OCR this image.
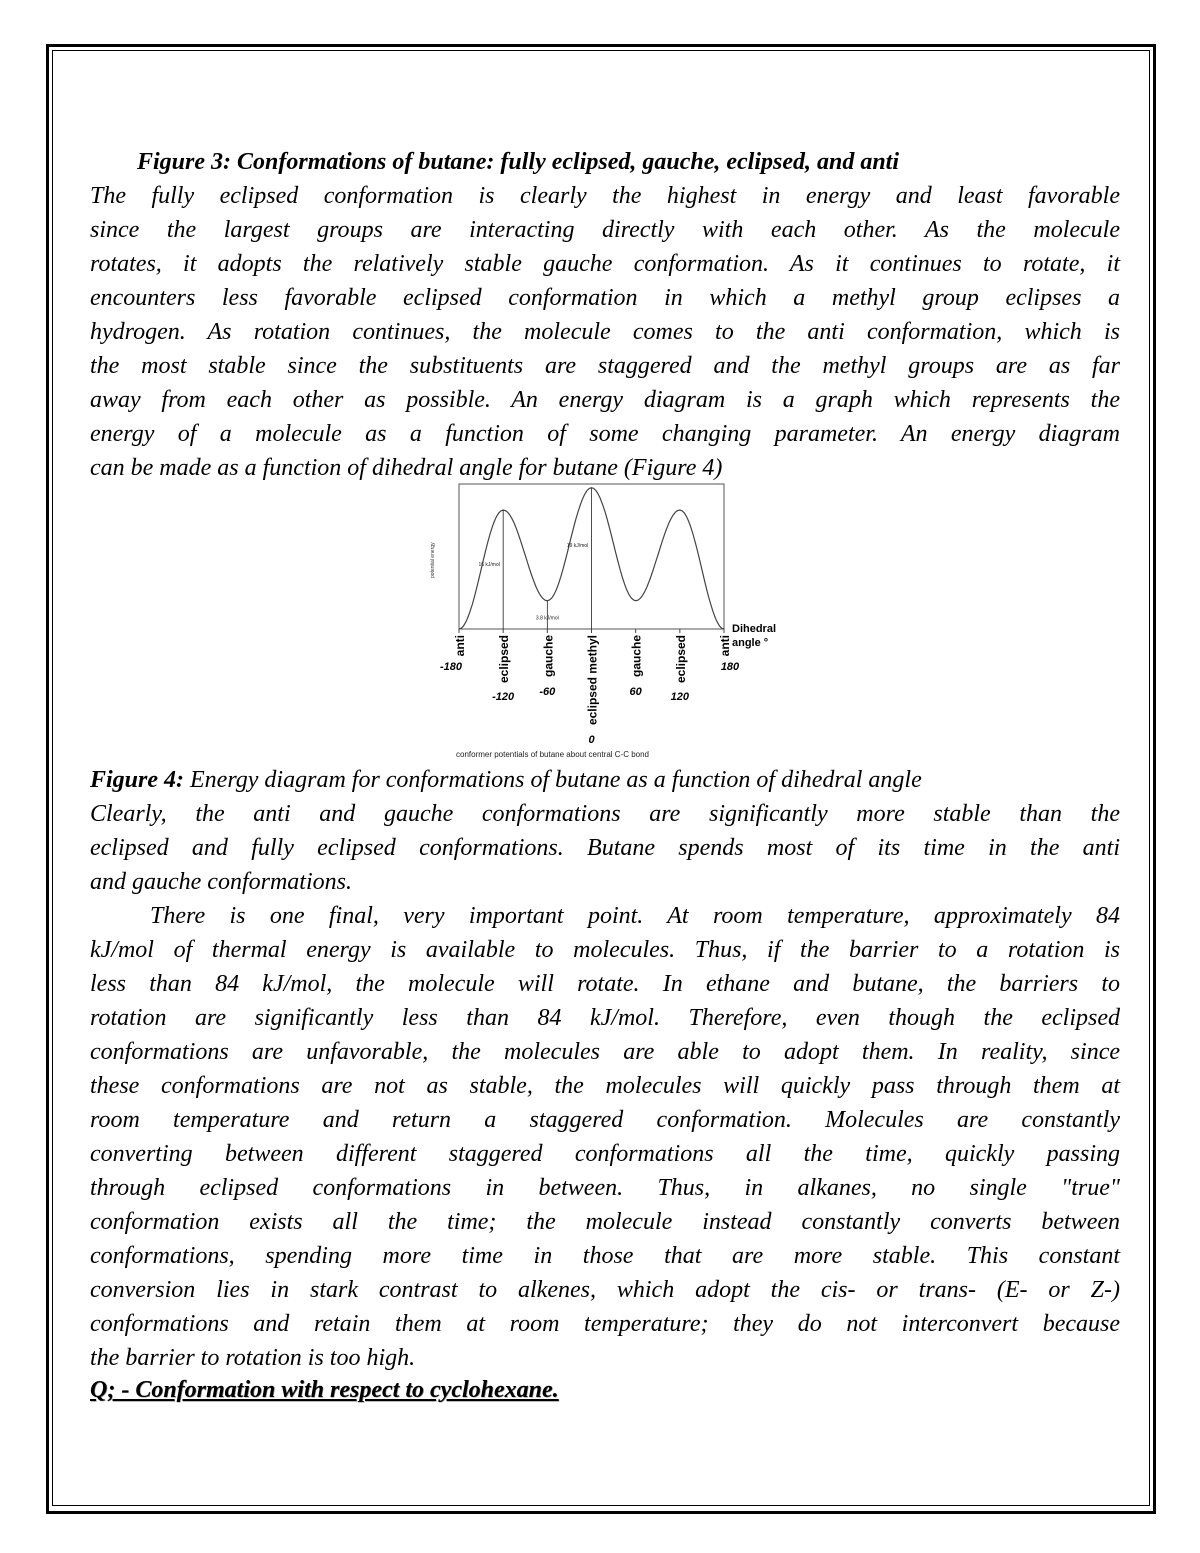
Figure 3: Conformations of butane: fully eclipsed, gauche, eclipsed, and anti
The fully eclipsed conformation is clearly the highest in energy and least favorable
since the largest groups are interacting directly with each other. As the molecule
rotates, it adopts the relatively stable gauche conformation. As it continues to rotate, it
encounters less favorable eclipsed conformation in which a methyl group eclipses a
hydrogen. As rotation continues, the molecule comes to the anti conformation, which is
the most stable since the substituents are staggered and the methyl groups are as far
away from each other as possible. An energy diagram is a graph which represents the
energy of a molecule as a function of some changing parameter. An energy diagram
can be made as a function of dihedral angle for butane (Figure 4)
anti
-180	eclipsed
-120
gauche
-60	eclipsed methyl
0
gauche
60
eclipsed
120
anti
180
16 kJ/mol
3.8 kJ/mol
19 kJ/mol
potential energy
Dihedral
angle °
conformer potentials of butane about central C-C bond
Figure 4: Energy diagram for conformations of butane as a function of dihedral angle
Clearly, the anti and gauche conformations are significantly more stable than the
eclipsed and fully eclipsed conformations. Butane spends most of its time in the anti
and gauche conformations.
There is one final, very important point. At room temperature, approximately 84
kJ/mol of thermal energy is available to molecules. Thus, if the barrier to a rotation is
less than 84 kJ/mol, the molecule will rotate. In ethane and butane, the barriers to
rotation are significantly less than 84 kJ/mol. Therefore, even though the eclipsed
conformations are unfavorable, the molecules are able to adopt them. In reality, since
these conformations are not as stable, the molecules will quickly pass through them at
room temperature and return a staggered conformation. Molecules are constantly
converting between different staggered conformations all the time, quickly passing
through eclipsed conformations in between. Thus, in alkanes, no single "true"
conformation exists all the time; the molecule instead constantly converts between
conformations, spending more time in those that are more stable. This constant
conversion lies in stark contrast to alkenes, which adopt the cis- or trans- (E- or Z-)
conformations and retain them at room temperature; they do not interconvert because
the barrier to rotation is too high.
Q; - Conformation with respect to cyclohexane.
